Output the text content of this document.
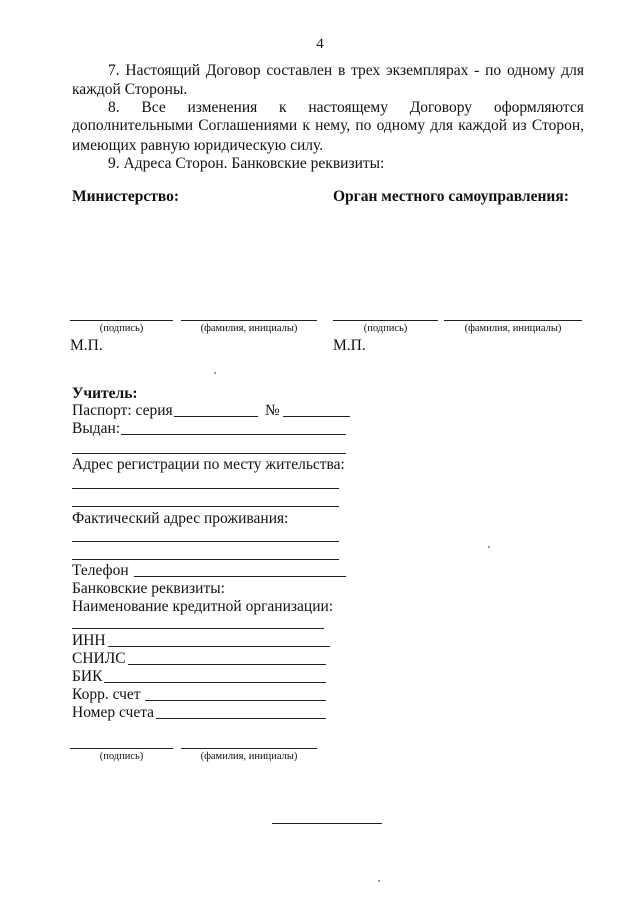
4
7. Настоящий Договор составлен в трех экземплярах - по одному для
каждой Стороны.
8. Все изменения к настоящему Договору оформляются
дополнительными Соглашениями к нему, по одному для каждой из Сторон,
имеющих равную юридическую силу.
9. Адреса Сторон. Банковские реквизиты:
Министерство:	Орган местного самоуправления:
(подпись)	(фамилия, инициалы)	(подпись)	(фамилия, инициалы)
М.П.	М.П.
Учитель:
Паспорт: серия	№
Выдан:
Адрес регистрации по месту жительства:
Фактический адрес проживания:
Телефон
Банковские реквизиты:
Наименование кредитной организации:
ИНН
СНИЛС
БИК
Корр. счет
Номер счета
(подпись)	(фамилия, инициалы)
